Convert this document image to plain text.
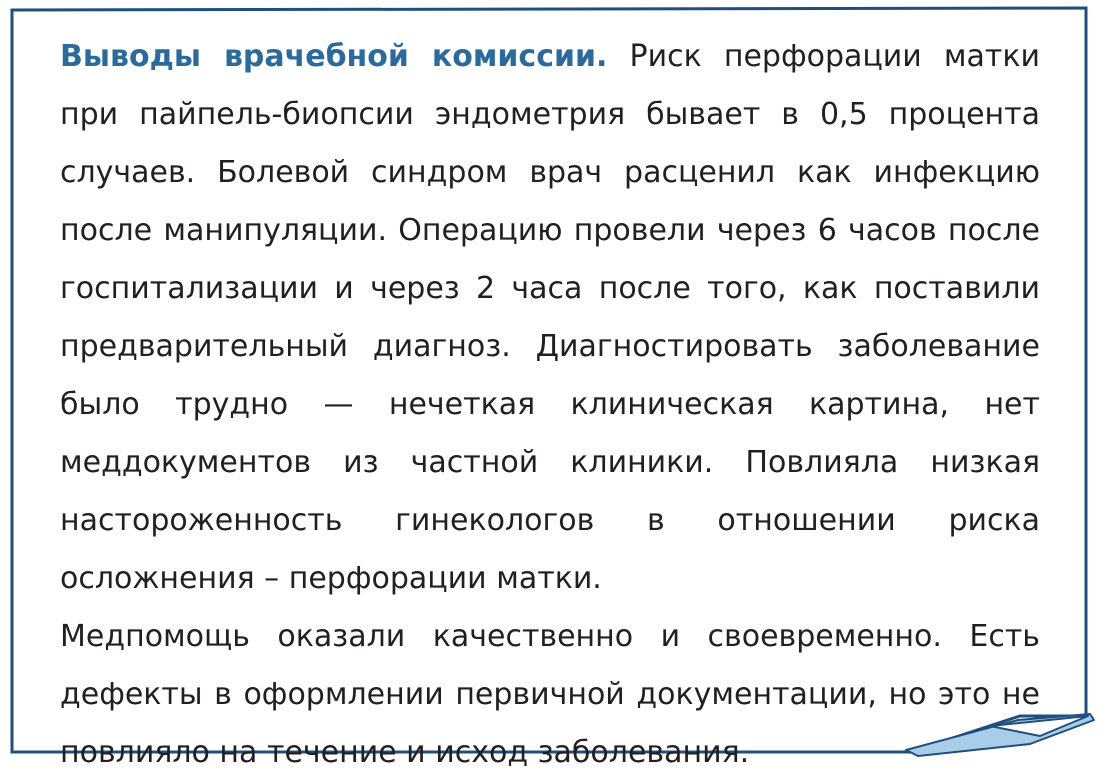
Выводы врачебной комиссии. Риск перфорации матки при пайпель-биопсии эндометрия бывает в 0,5 процента случаев. Болевой синдром врач расценил как инфекцию после манипуляции. Операцию провели через 6 часов после госпитализации и через 2 часа после того, как поставили предварительный диагноз. Диагностировать заболевание было трудно — нечеткая клиническая картина, нет меддокументов из частной клиники. Повлияла низкая настороженность гинекологов в отношении риска осложнения – перфорации матки.

Медпомощь оказали качественно и своевременно. Есть дефекты в оформлении первичной документации, но это не повлияло на течение и исход заболевания.
